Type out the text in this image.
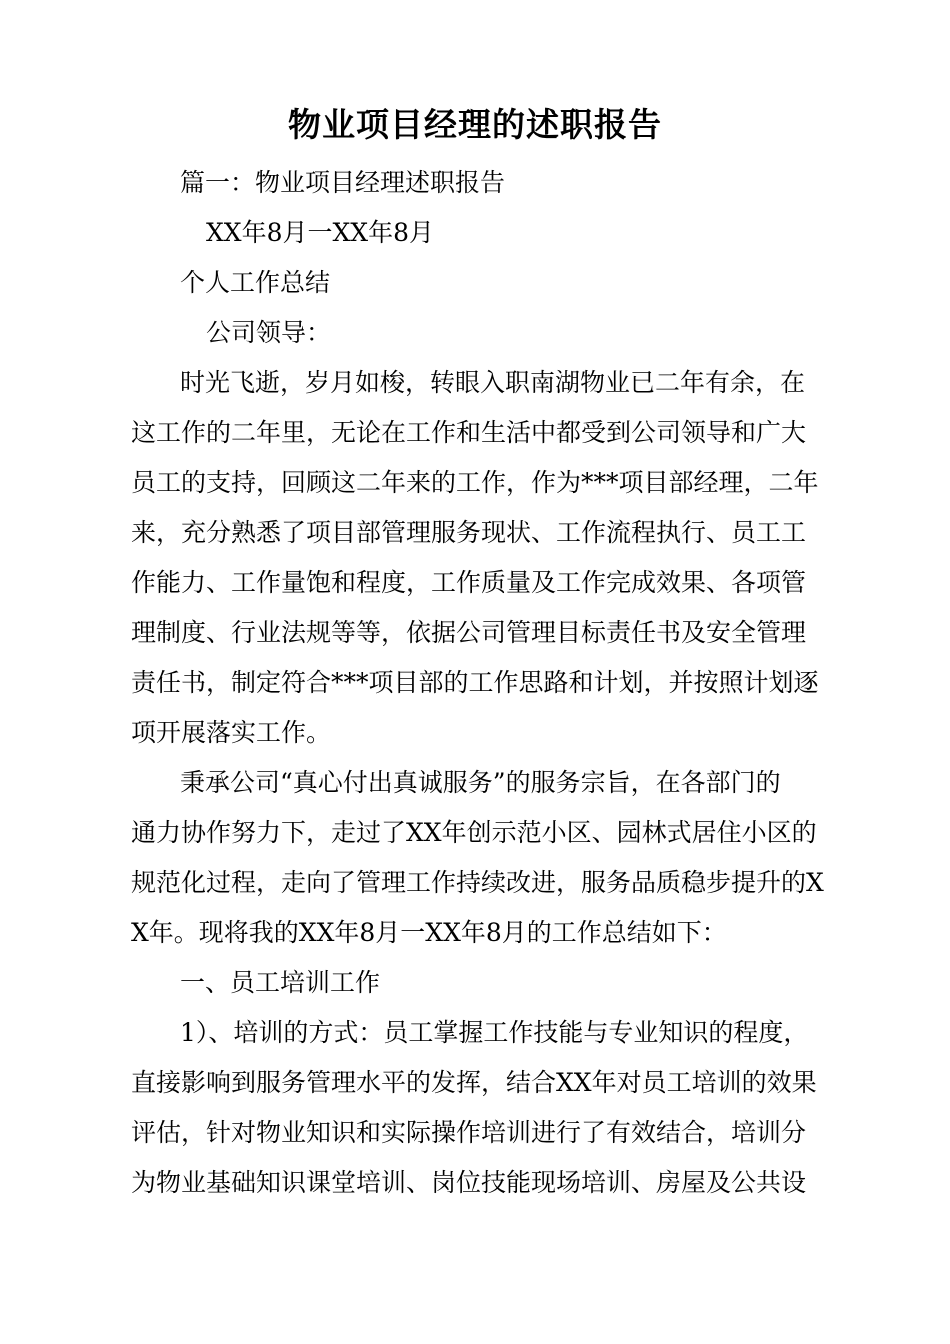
物业项目经理的述职报告
篇一：物业项目经理述职报告
XX年8月一XX年8月
个人工作总结
公司领导：
时光飞逝，岁月如梭，转眼入职南湖物业已二年有余，在
这工作的二年里，无论在工作和生活中都受到公司领导和广大
员工的支持，回顾这二年来的工作，作为***项目部经理，二年
来，充分熟悉了项目部管理服务现状、工作流程执行、员工工
作能力、工作量饱和程度，工作质量及工作完成效果、各项管
理制度、行业法规等等，依据公司管理目标责任书及安全管理
责任书，制定符合***项目部的工作思路和计划，并按照计划逐
项开展落实工作。
秉承公司“真心付出真诚服务”的服务宗旨，在各部门的
通力协作努力下，走过了XX年创示范小区、园林式居住小区的
规范化过程，走向了管理工作持续改进，服务品质稳步提升的X
X年。现将我的XX年8月一XX年8月的工作总结如下：
一、员工培训工作
1）、培训的方式：员工掌握工作技能与专业知识的程度，
直接影响到服务管理水平的发挥，结合XX年对员工培训的效果
评估，针对物业知识和实际操作培训进行了有效结合，培训分
为物业基础知识课堂培训、岗位技能现场培训、房屋及公共设
